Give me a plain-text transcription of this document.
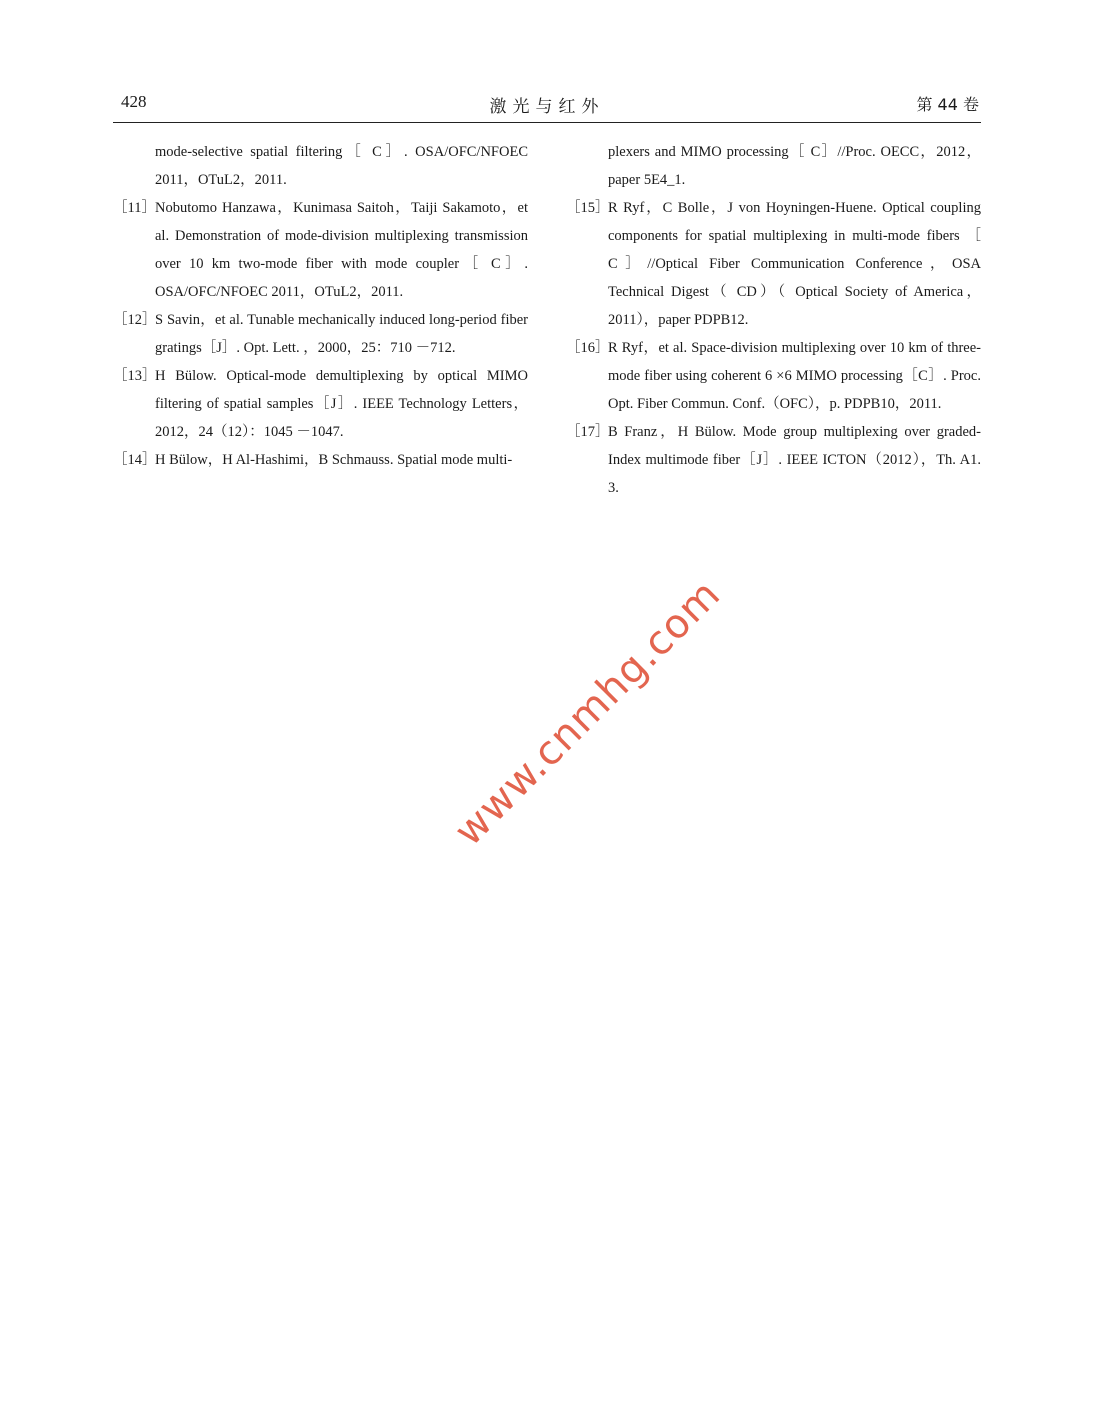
428	激光与红外	第 44 卷
mode-selective spatial filtering［ C］. OSA/OFC/NFOEC 2011，OTuL2，2011.
［11］ Nobutomo Hanzawa，Kunimasa Saitoh，Taiji Sakamoto，et al. Demonstration of mode-division multiplexing transmission over 10 km two-mode fiber with mode coupler［ C］. OSA/OFC/NFOEC 2011，OTuL2，2011.
［12］
S Savin，et al. Tunable mechanically induced long-period fiber gratings［J］. Opt. Lett. ，2000，25：710 －712.
［13］
H Bülow. Optical-mode demultiplexing by optical MIMO filtering of spatial samples［J］. IEEE Technology Letters，2012，24（12）：1045 －1047.
［14］
H Bülow，H Al-Hashimi，B Schmauss. Spatial mode multi-
plexers and MIMO processing［ C］//Proc. OECC，2012，paper 5E4_1.
［15］
R Ryf，C Bolle，J von Hoyningen-Huene. Optical coupling components for spatial multiplexing in multi-mode fibers ［ C］//Optical Fiber Communication Conference，OSA Technical Digest（ CD）（ Optical Society of America，2011），paper PDPB12.
［16］
R Ryf，et al. Space-division multiplexing over 10 km of three-mode fiber using coherent 6 ×6 MIMO processing［C］. Proc. Opt. Fiber Commun. Conf.（OFC），p. PDPB10，2011.
［17］
B Franz，H Bülow. Mode group multiplexing over graded-Index multimode fiber［J］. IEEE ICTON（2012），Th. A1. 3.
www.cnmhg.com
